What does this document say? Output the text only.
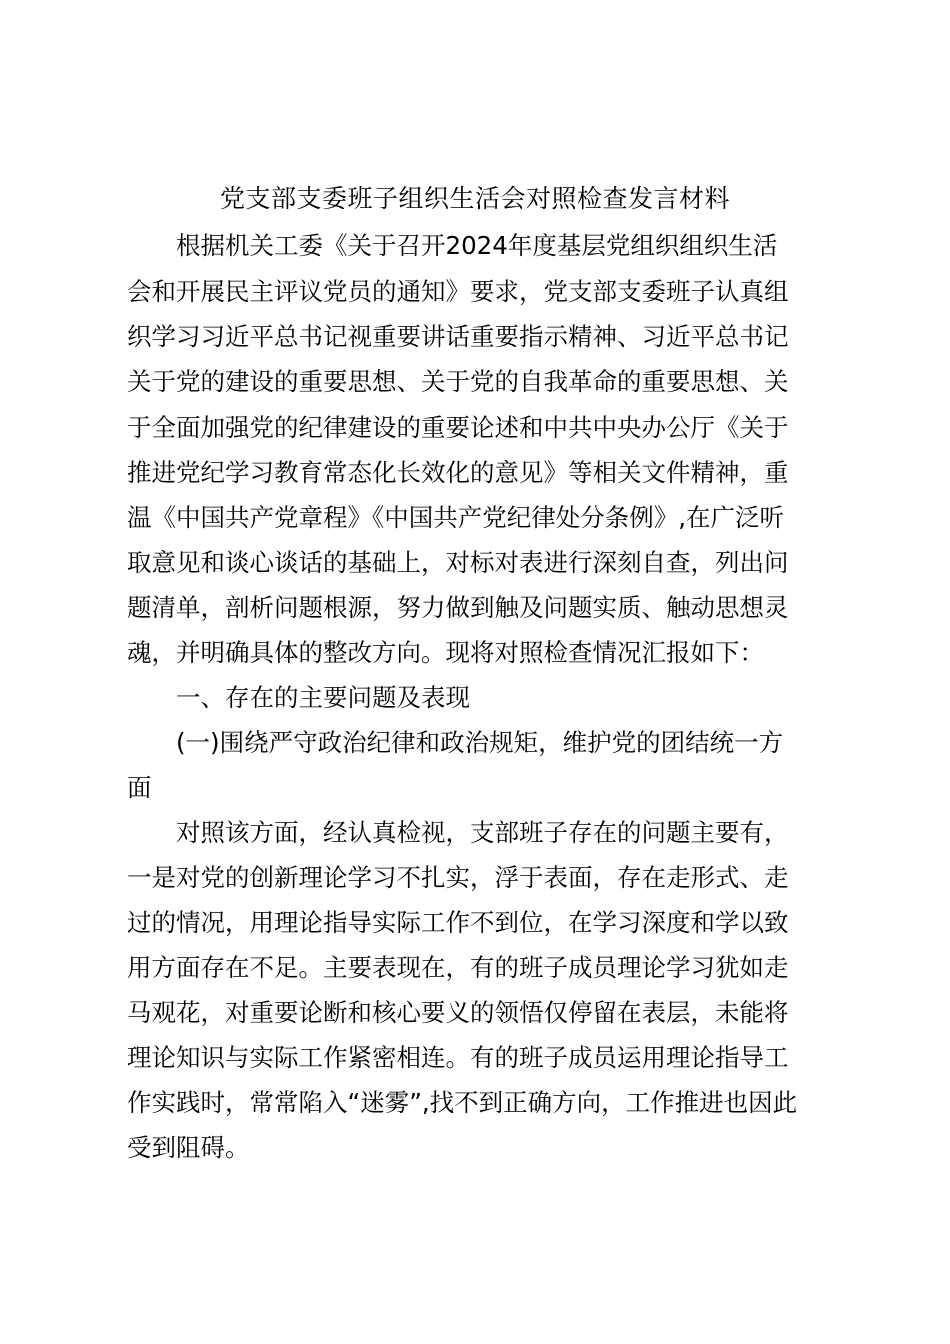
党支部支委班子组织生活会对照检查发言材料
根据机关工委《关于召开2024年度基层党组织组织生活
会和开展民主评议党员的通知》要求，党支部支委班子认真组
织学习习近平总书记视重要讲话重要指示精神、习近平总书记
关于党的建设的重要思想、关于党的自我革命的重要思想、关
于全面加强党的纪律建设的重要论述和中共中央办公厅《关于
推进党纪学习教育常态化长效化的意见》等相关文件精神，重
温《中国共产党章程》《中国共产党纪律处分条例》,在广泛听
取意见和谈心谈话的基础上，对标对表进行深刻自查，列出问
题清单，剖析问题根源，努力做到触及问题实质、触动思想灵
魂，并明确具体的整改方向。现将对照检查情况汇报如下：
一、存在的主要问题及表现
(一)围绕严守政治纪律和政治规矩，维护党的团结统一方
面
对照该方面，经认真检视，支部班子存在的问题主要有，
一是对党的创新理论学习不扎实，浮于表面，存在走形式、走
过的情况，用理论指导实际工作不到位，在学习深度和学以致
用方面存在不足。主要表现在，有的班子成员理论学习犹如走
马观花，对重要论断和核心要义的领悟仅停留在表层，未能将
理论知识与实际工作紧密相连。有的班子成员运用理论指导工
作实践时，常常陷入“迷雾”,找不到正确方向，工作推进也因此
受到阻碍。
